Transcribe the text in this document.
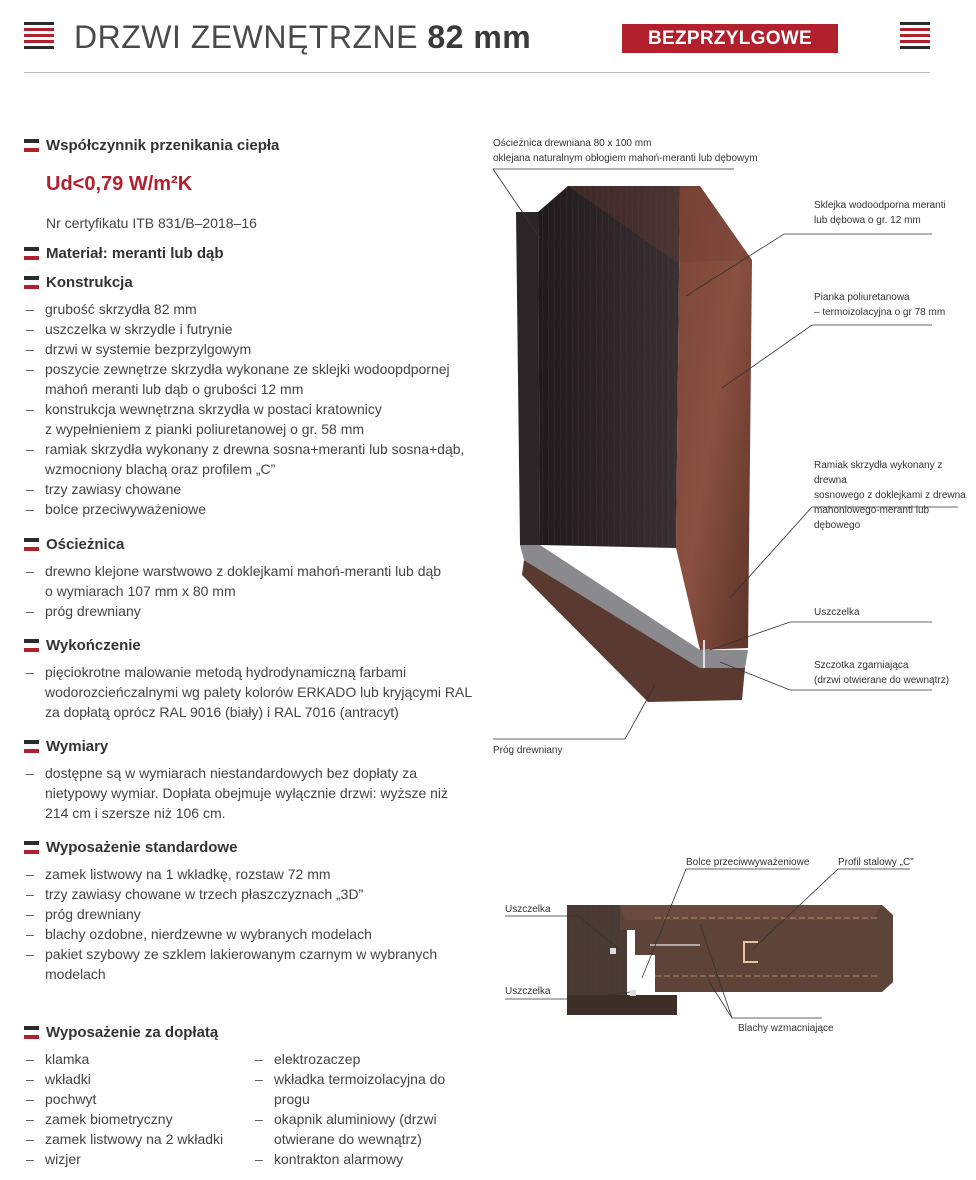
DRZWI ZEWNĘTRZNE 82 mm	BEZPRZYLGOWE
Współczynnik przenikania ciepła
Ud<0,79 W/m²K
Nr certyfikatu ITB 831/B–2018–16
Materiał: meranti lub dąb
Konstrukcja
– grubość skrzydła 82 mm
– uszczelka w skrzydle i futrynie
– drzwi w systemie bezprzylgowym
– poszycie zewnętrze skrzydła wykonane ze sklejki wodoopdpornej
mahoń meranti lub dąb o grubości 12 mm
– konstrukcja wewnętrzna skrzydła w postaci kratownicy
z wypełnieniem z pianki poliuretanowej o gr. 58 mm
– ramiak skrzydła wykonany z drewna sosna+meranti lub sosna+dąb,
wzmocniony blachą oraz profilem „C”
– trzy zawiasy chowane
– bolce przeciwyważeniowe
Ościeżnica
– drewno klejone warstwowo z doklejkami mahoń-meranti lub dąb
o wymiarach 107 mm x 80 mm
– próg drewniany
Wykończenie
– pięciokrotne malowanie metodą hydrodynamiczną farbami
wodorozcieńczalnymi wg palety kolorów ERKADO lub kryjącymi RAL
za dopłatą oprócz RAL 9016 (biały) i RAL 7016 (antracyt)
Wymiary
– dostępne są w wymiarach niestandardowych bez dopłaty za
nietypowy wymiar. Dopłata obejmuje wyłącznie drzwi: wyższe niż
214 cm i szersze niż 106 cm.
Wyposażenie standardowe
– zamek listwowy na 1 wkładkę, rozstaw 72 mm
– trzy zawiasy chowane w trzech płaszczyznach „3D”
– próg drewniany
– blachy ozdobne, nierdzewne w wybranych modelach
– pakiet szybowy ze szklem lakierowanym czarnym w wybranych
modelach
Wyposażenie za dopłatą
– klamka
– wkładki
– pochwyt
– zamek biometryczny
– zamek listwowy na 2 wkładki
– wizjer
– elektrozaczep
– wkładka termoizolacyjna do
progu
– okapnik aluminiowy (drzwi
otwierane do wewnątrz)
– kontrakton alarmowy
Ościeżnica drewniana 80 x 100 mm
oklejana naturalnym obłogiem mahoń-meranti lub dębowym
Sklejka wodoodporna meranti
lub dębowa o gr. 12 mm
Pianka poliuretanowa
– termoizolacyjna o gr 78 mm
Ramiak skrzydła wykonany z drewna
sosnowego z doklejkami z drewna
mahoniowego-meranti lub dębowego
Uszczelka
Szczotka zgarniająca
(drzwi otwierane do wewnątrz)
Próg drewniany
Bolce przeciwwyważeniowe	Profil stalowy „C”
Uszczelka
Uszczelka
Blachy wzmacniające
